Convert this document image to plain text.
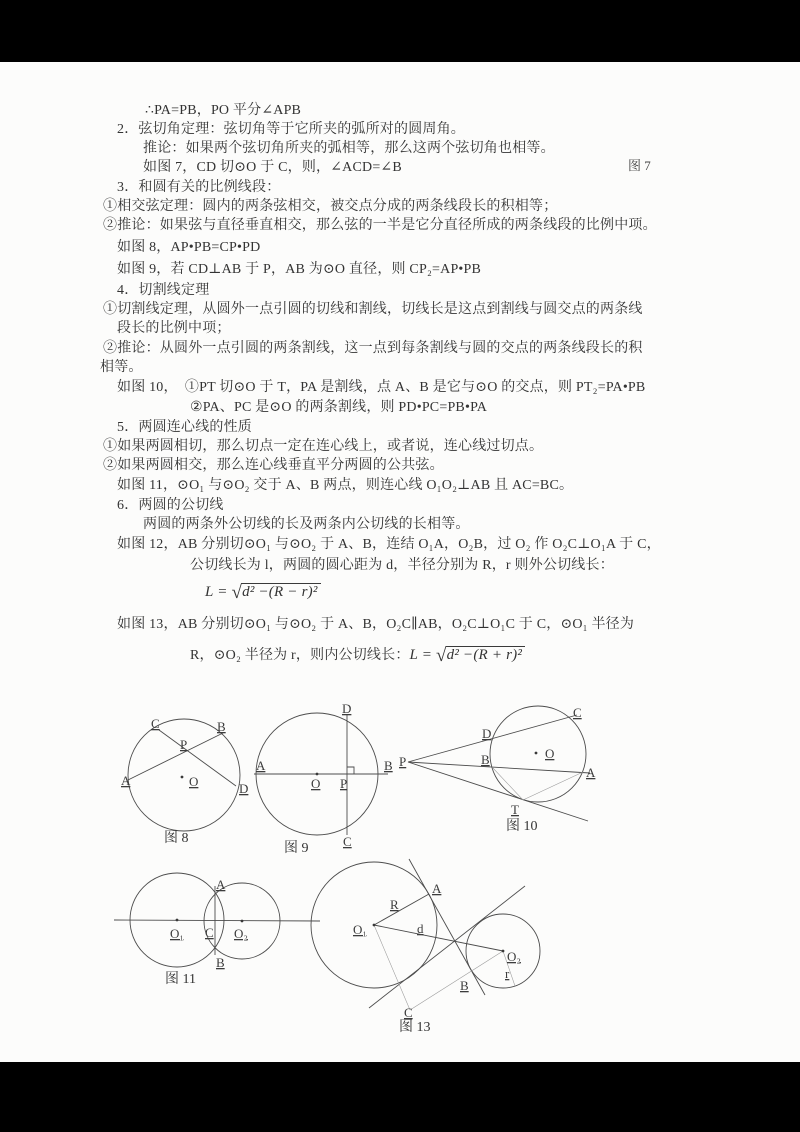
∴PA=PB，PO 平分∠APB
2．弦切角定理：弦切角等于它所夹的弧所对的圆周角。
推论：如果两个弦切角所夹的弧相等，那么这两个弦切角也相等。
如图 7，CD 切⊙O 于 C，则，∠ACD=∠B	图 7
3．和圆有关的比例线段：
①相交弦定理：圆内的两条弦相交，被交点分成的两条线段长的积相等；
②推论：如果弦与直径垂直相交，那么弦的一半是它分直径所成的两条线段的比例中项。
如图 8，AP•PB=CP•PD
如图 9，若 CD⊥AB 于 P，AB 为⊙O 直径，则 CP₂=AP•PB
4．切割线定理
①切割线定理，从圆外一点引圆的切线和割线，切线长是这点到割线与圆交点的两条线
段长的比例中项；
②推论：从圆外一点引圆的两条割线，这一点到每条割线与圆的交点的两条线段长的积
相等。
如图 10，　①PT 切⊙O 于 T，PA 是割线，点 A、B 是它与⊙O 的交点，则 PT₂=PA•PB
②PA、PC 是⊙O 的两条割线，则 PD•PC=PB•PA
5．两圆连心线的性质
①如果两圆相切，那么切点一定在连心线上，或者说，连心线过切点。
②如果两圆相交，那么连心线垂直平分两圆的公共弦。
如图 11，⊙O₁ 与⊙O₂ 交于 A、B 两点，则连心线 O₁O₂⊥AB 且 AC=BC。
6．两圆的公切线
两圆的两条外公切线的长及两条内公切线的长相等。
如图 12，AB 分别切⊙O₁ 与⊙O₂ 于 A、B，连结 O₁A，O₂B，过 O₂ 作 O₂C⊥O₁A 于 C，
公切线长为 l，两圆的圆心距为 d，半径分别为 R，r 则外公切线长：
L = √d² −(R − r)²
如图 13，AB 分别切⊙O₁ 与⊙O₂ 于 A、B，O₂C∥AB，O₂C⊥O₁C 于 C，⊙O₁ 半径为
R，⊙O₂ 半径为 r，则内公切线长：L = √d² −(R + r)²
C	B
P
A	O	D
图 8
D
A
O P
B
C
图 9
P
D
B
C
O
A
T
图 10
A
B
C
O₁	O₂
图 11
O₁
R
A
d
O₂
r
B
C
图 13
